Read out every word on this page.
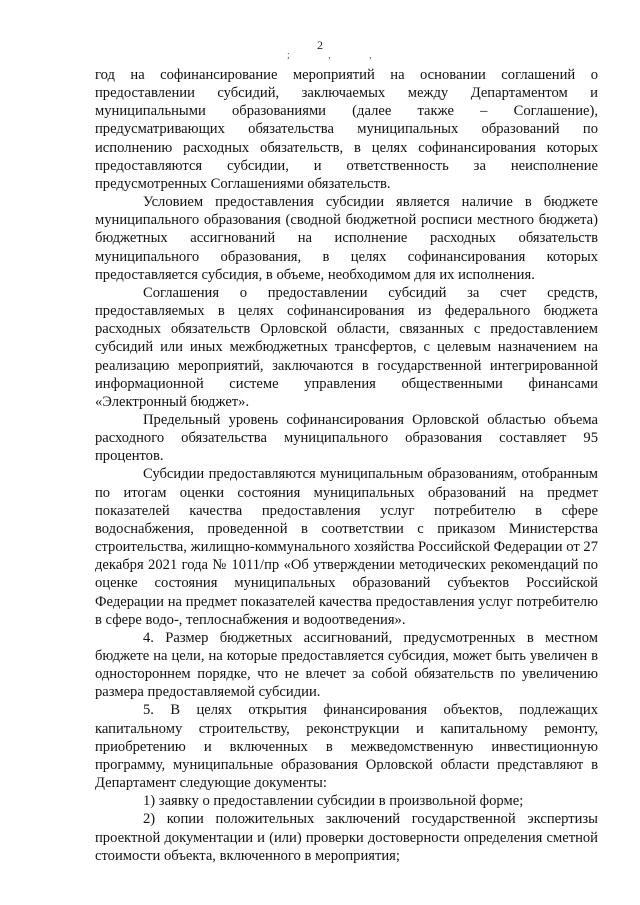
2
; , ,

год на софинансирование мероприятий на основании соглашений о предоставлении субсидий, заключаемых между Департаментом и муниципальными образованиями (далее также – Соглашение), предусматривающих обязательства муниципальных образований по исполнению расходных обязательств, в целях софинансирования которых предоставляются субсидии, и ответственность за неисполнение предусмотренных Соглашениями обязательств.

Условием предоставления субсидии является наличие в бюджете муниципального образования (сводной бюджетной росписи местного бюджета) бюджетных ассигнований на исполнение расходных обязательств муниципального образования, в целях софинансирования которых предоставляется субсидия, в объеме, необходимом для их исполнения.

Соглашения о предоставлении субсидий за счет средств, предоставляемых в целях софинансирования из федерального бюджета расходных обязательств Орловской области, связанных с предоставлением субсидий или иных межбюджетных трансфертов, с целевым назначением на реализацию мероприятий, заключаются в государственной интегрированной информационной системе управления общественными финансами «Электронный бюджет».

Предельный уровень софинансирования Орловской областью объема расходного обязательства муниципального образования составляет 95 процентов.

Субсидии предоставляются муниципальным образованиям, отобранным по итогам оценки состояния муниципальных образований на предмет показателей качества предоставления услуг потребителю в сфере водоснабжения, проведенной в соответствии с приказом Министерства строительства, жилищно-коммунального хозяйства Российской Федерации от 27 декабря 2021 года № 1011/пр «Об утверждении методических рекомендаций по оценке состояния муниципальных образований субъектов Российской Федерации на предмет показателей качества предоставления услуг потребителю в сфере водо-, теплоснабжения и водоотведения».

4. Размер бюджетных ассигнований, предусмотренных в местном бюджете на цели, на которые предоставляется субсидия, может быть увеличен в одностороннем порядке, что не влечет за собой обязательств по увеличению размера предоставляемой субсидии.

5. В целях открытия финансирования объектов, подлежащих капитальному строительству, реконструкции и капитальному ремонту, приобретению и включенных в межведомственную инвестиционную программу, муниципальные образования Орловской области представляют в Департамент следующие документы:

1) заявку о предоставлении субсидии в произвольной форме;

2) копии положительных заключений государственной экспертизы проектной документации и (или) проверки достоверности определения сметной стоимости объекта, включенного в мероприятия;
